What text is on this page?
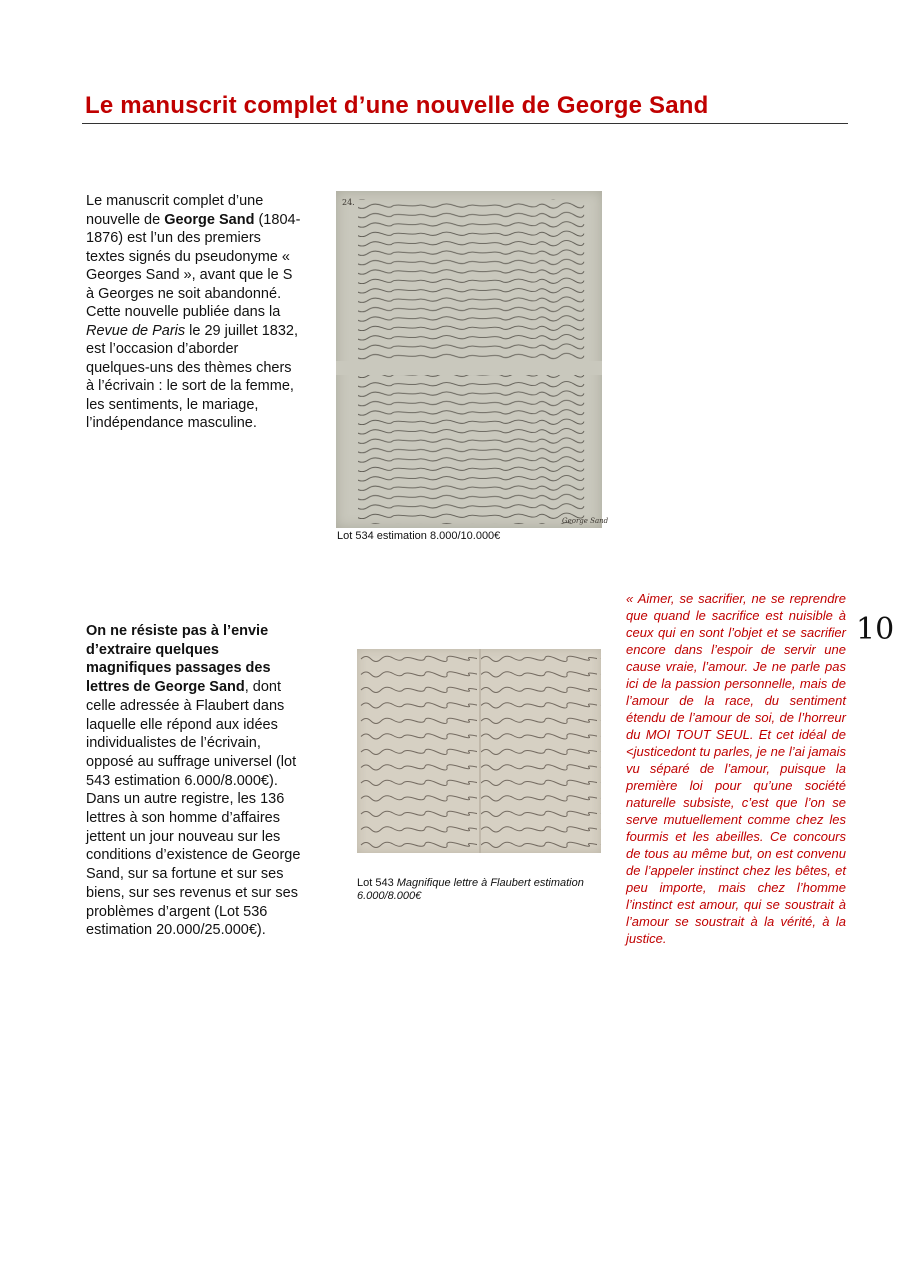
Le manuscrit complet d’une nouvelle de George Sand
Le manuscrit complet d’une nouvelle de George Sand (1804-1876) est l’un des premiers textes signés du pseudonyme « Georges Sand », avant que le S à Georges ne soit abandonné. Cette nouvelle publiée dans la Revue de Paris le 29 juillet 1832, est l’occasion d’aborder quelques-uns des thèmes chers à l’écrivain : le sort de la femme, les sentiments, le mariage, l’indépendance masculine.
24.
George Sand
Lot 534 estimation 8.000/10.000€
On ne résiste pas à l’envie d’extraire quelques magnifiques passages des lettres de George Sand, dont celle adressée à Flaubert dans laquelle elle répond aux idées individualistes de l’écrivain, opposé au suffrage universel (lot 543 estimation 6.000/8.000€). Dans un autre registre, les 136 lettres à son homme d’affaires jettent un jour nouveau sur les conditions d’existence de George Sand, sur sa fortune et sur ses biens, sur ses revenus et sur ses problèmes d’argent (Lot 536 estimation 20.000/25.000€).
Lot 543 Magnifique lettre à Flaubert estimation 6.000/8.000€
« Aimer, se sacrifier, ne se reprendre que quand le sacrifice est nuisible à ceux qui en sont l’objet et se sacrifier encore dans l’espoir de servir une cause vraie, l’amour. Je ne parle pas ici de la passion personnelle, mais de l’amour de la race, du sentiment étendu de l’amour de soi, de l’horreur du MOI TOUT SEUL. Et cet idéal de <justicedont tu parles, je ne l’ai jamais vu séparé de l’amour, puisque la première loi pour qu’une société naturelle subsiste, c’est que l’on se serve mutuellement comme chez les fourmis et les abeilles. Ce concours de tous au même but, on est convenu de l’appeler instinct chez les bêtes, et peu importe, mais chez l’homme l’instinct est amour, qui se soustrait à l’amour se soustrait à la vérité, à la justice.
10
